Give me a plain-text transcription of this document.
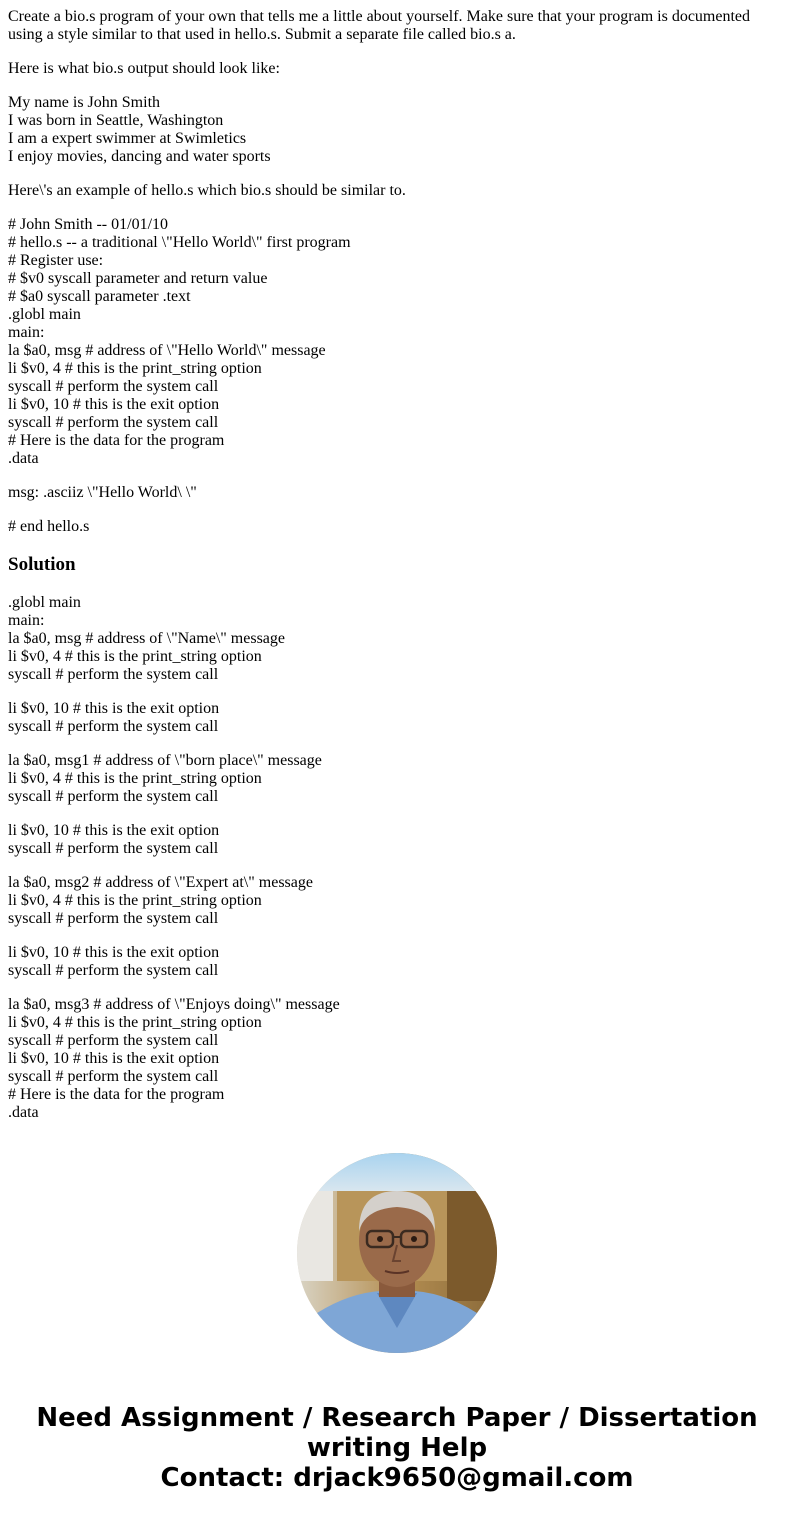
Create a bio.s program of your own that tells me a little about yourself. Make sure that your program is documented using a style similar to that used in hello.s. Submit a separate file called bio.s a.

Here is what bio.s output should look like:

My name is John Smith
I was born in Seattle, Washington
I am a expert swimmer at Swimletics
I enjoy movies, dancing and water sports

Here\'s an example of hello.s which bio.s should be similar to.

# John Smith -- 01/01/10
# hello.s -- a traditional \"Hello World\" first program
# Register use:
# $v0 syscall parameter and return value
# $a0 syscall parameter .text
.globl main
main:
la $a0, msg # address of \"Hello World\" message
li $v0, 4 # this is the print_string option
syscall # perform the system call
li $v0, 10 # this is the exit option
syscall # perform the system call
# Here is the data for the program
.data

msg: .asciiz \"Hello World\ \"

# end hello.s

Solution

.globl main
main:
la $a0, msg # address of \"Name\" message
li $v0, 4 # this is the print_string option
syscall # perform the system call

li $v0, 10 # this is the exit option
syscall # perform the system call

la $a0, msg1 # address of \"born place\" message
li $v0, 4 # this is the print_string option
syscall # perform the system call

li $v0, 10 # this is the exit option
syscall # perform the system call

la $a0, msg2 # address of \"Expert at\" message
li $v0, 4 # this is the print_string option
syscall # perform the system call

li $v0, 10 # this is the exit option
syscall # perform the system call

la $a0, msg3 # address of \"Enjoys doing\" message
li $v0, 4 # this is the print_string option
syscall # perform the system call
li $v0, 10 # this is the exit option
syscall # perform the system call
# Here is the data for the program
.data

Need Assignment / Research Paper / Dissertation
writing Help
Contact: drjack9650@gmail.com
